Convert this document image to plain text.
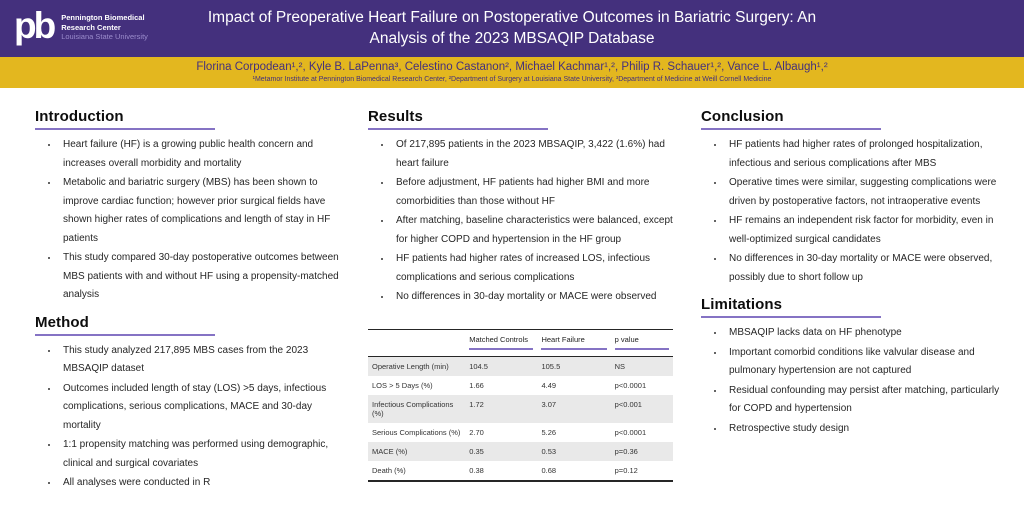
pb Pennington Biomedical
Research Center
Louisiana State University
Impact of Preoperative Heart Failure on Postoperative Outcomes in Bariatric Surgery: An
Analysis of the 2023 MBSAQIP Database
Florina Corpodean¹,², Kyle B. LaPenna³, Celestino Castanon², Michael Kachmar¹,², Philip R. Schauer¹,², Vance L. Albaugh¹,²
¹Metamor Institute at Pennington Biomedical Research Center, ²Department of Surgery at Louisiana State University, ³Department of Medicine at Weill Cornell Medicine
Introduction
• Heart failure (HF) is a growing public health concern and increases overall morbidity and mortality
• Metabolic and bariatric surgery (MBS) has been shown to improve cardiac function; however prior surgical fields have shown higher rates of complications and length of stay in HF patients
• This study compared 30-day postoperative outcomes between MBS patients with and without HF using a propensity-matched analysis
Method
• This study analyzed 217,895 MBS cases from the 2023 MBSAQIP dataset
• Outcomes included length of stay (LOS) >5 days, infectious complications, serious complications, MACE and 30-day mortality
• 1:1 propensity matching was performed using demographic, clinical and surgical covariates
• All analyses were conducted in R
Results
• Of 217,895 patients in the 2023 MBSAQIP, 3,422 (1.6%) had heart failure
• Before adjustment, HF patients had higher BMI and more comorbidities than those without HF
• After matching, baseline characteristics were balanced, except for higher COPD and hypertension in the HF group
• HF patients had higher rates of increased LOS, infectious complications and serious complications
• No differences in 30-day mortality or MACE were observed

	Matched Controls	Heart Failure	p value

Operative Length (min)	104.5	105.5	NS
LOS > 5 Days (%)	1.66	4.49	p<0.0001
Infectious Complications (%)	1.72	3.07	p<0.001
Serious Complications (%)	2.70	5.26	p<0.0001
MACE (%)	0.35	0.53	p=0.36
Death (%)	0.38	0.68	p=0.12
Conclusion
• HF patients had higher rates of prolonged hospitalization, infectious and serious complications after MBS
• Operative times were similar, suggesting complications were driven by postoperative factors, not intraoperative events
• HF remains an independent risk factor for morbidity, even in well-optimized surgical candidates
• No differences in 30-day mortality or MACE were observed, possibly due to short follow up
Limitations
• MBSAQIP lacks data on HF phenotype
• Important comorbid conditions like valvular disease and pulmonary hypertension are not captured
• Residual confounding may persist after matching, particularly for COPD and hypertension
• Retrospective study design
